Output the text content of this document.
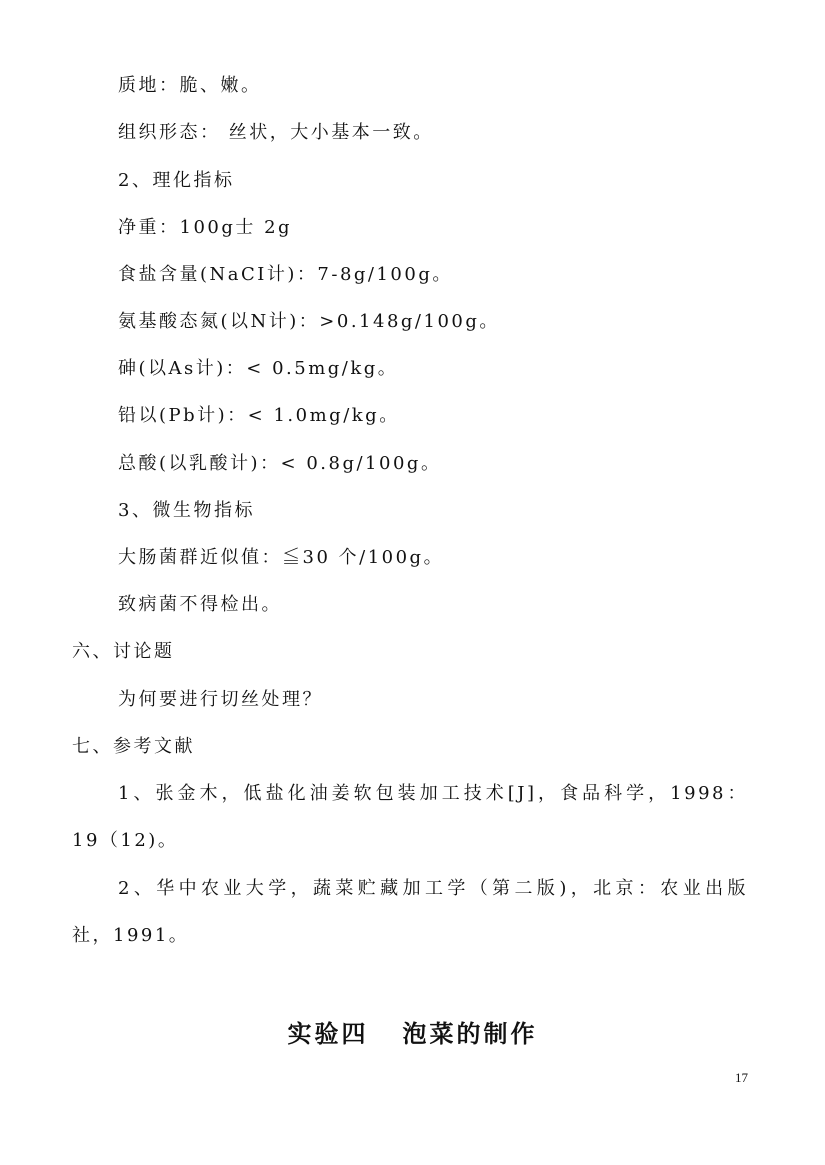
质地：脆、嫩。
组织形态： 丝状，大小基本一致。
2、理化指标
净重：100g士 2g
食盐含量(NaCI计)：7-8g/100g。
氨基酸态氮(以N计)：>0.148g/100g。
砷(以As计)：< 0.5mg/kg。
铅以(Pb计)：< 1.0mg/kg。
总酸(以乳酸计)：< 0.8g/100g。
3、微生物指标
大肠菌群近似值：≦30 个/100g。
致病菌不得检出。
六、讨论题
为何要进行切丝处理？
七、参考文献
1、张金木，低盐化油姜软包装加工技术[J]，食品科学，1998：
19（12)。
2、华中农业大学，蔬菜贮藏加工学（第二版)，北京：农业出版
社，1991。
实验四   泡菜的制作
17
